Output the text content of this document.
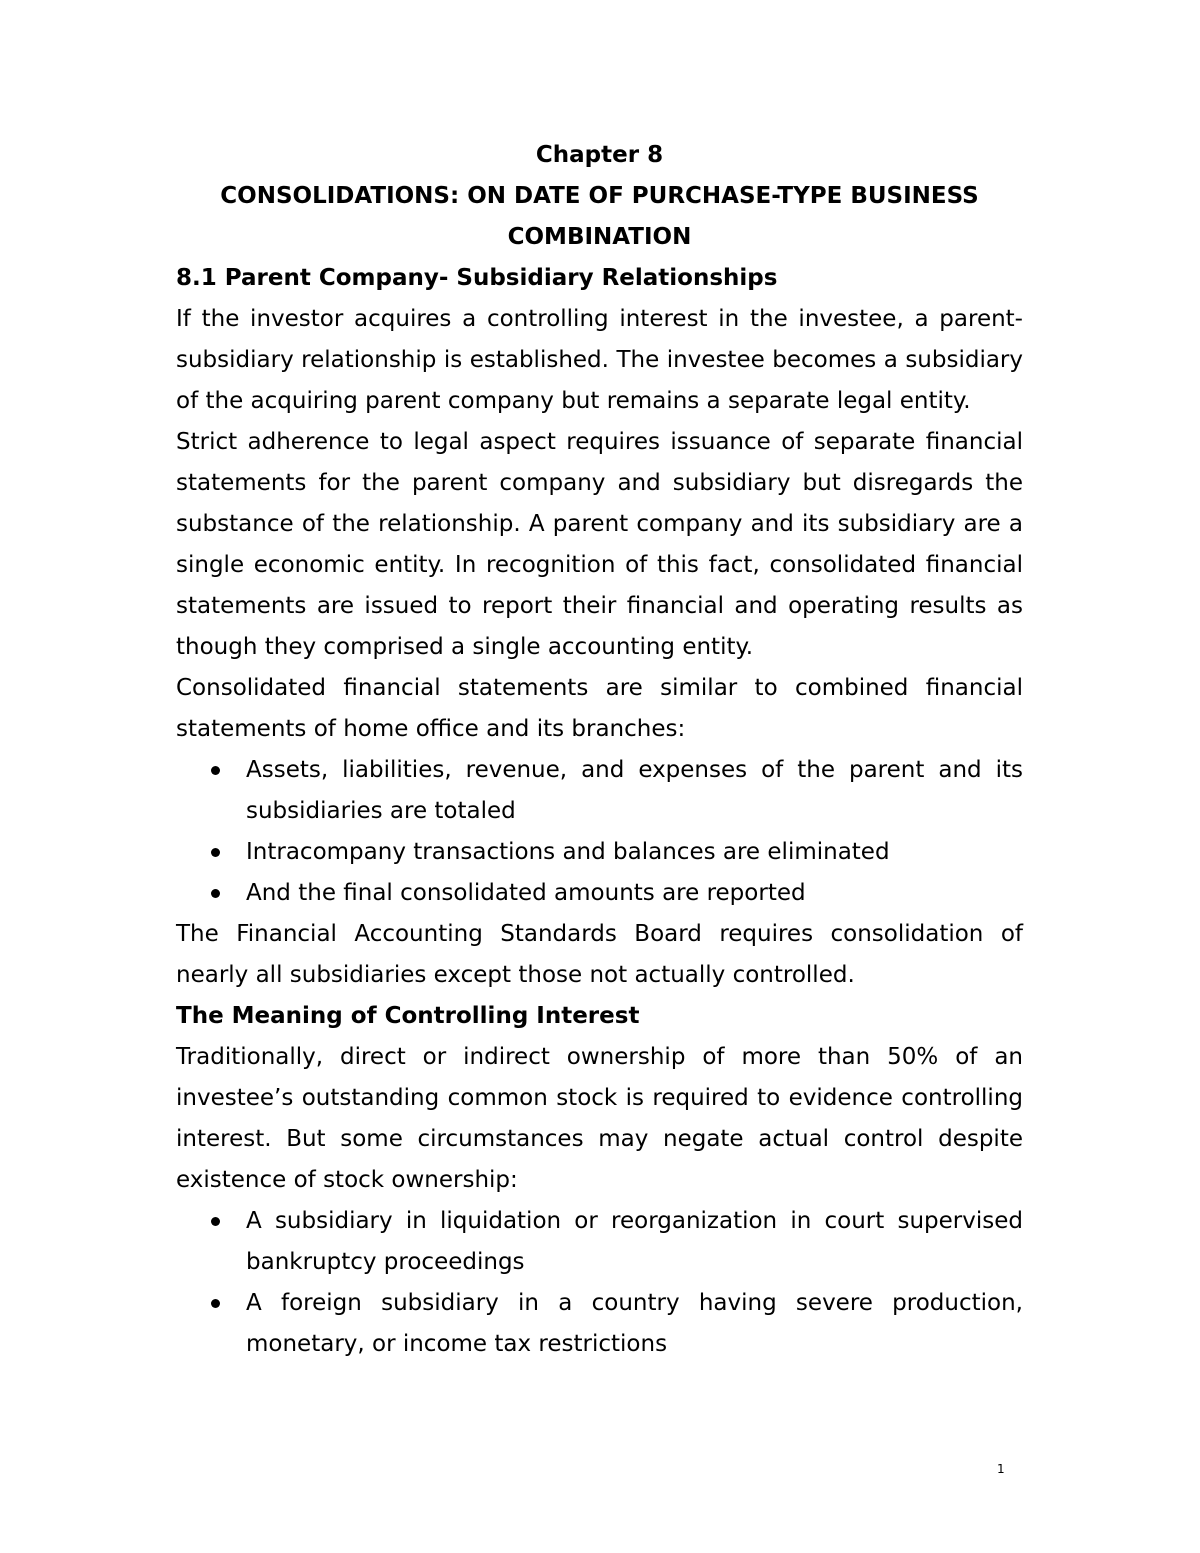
Chapter 8
CONSOLIDATIONS: ON DATE OF PURCHASE-TYPE BUSINESS COMBINATION
8.1 Parent Company- Subsidiary Relationships

If the investor acquires a controlling interest in the investee, a parent-subsidiary relationship is established. The investee becomes a subsidiary of the acquiring parent company but remains a separate legal entity.

Strict adherence to legal aspect requires issuance of separate financial statements for the parent company and subsidiary but disregards the substance of the relationship. A parent company and its subsidiary are a single economic entity. In recognition of this fact, consolidated financial statements are issued to report their financial and operating results as though they comprised a single accounting entity.

Consolidated financial statements are similar to combined financial statements of home office and its branches:

Assets, liabilities, revenue, and expenses of the parent and its subsidiaries are totaled
Intracompany transactions and balances are eliminated
And the final consolidated amounts are reported

The Financial Accounting Standards Board requires consolidation of nearly all subsidiaries except those not actually controlled.

The Meaning of Controlling Interest

Traditionally, direct or indirect ownership of more than 50% of an investee’s outstanding common stock is required to evidence controlling interest. But some circumstances may negate actual control despite existence of stock ownership:

A subsidiary in liquidation or reorganization in court supervised bankruptcy proceedings
A foreign subsidiary in a country having severe production, monetary, or income tax restrictions
1
